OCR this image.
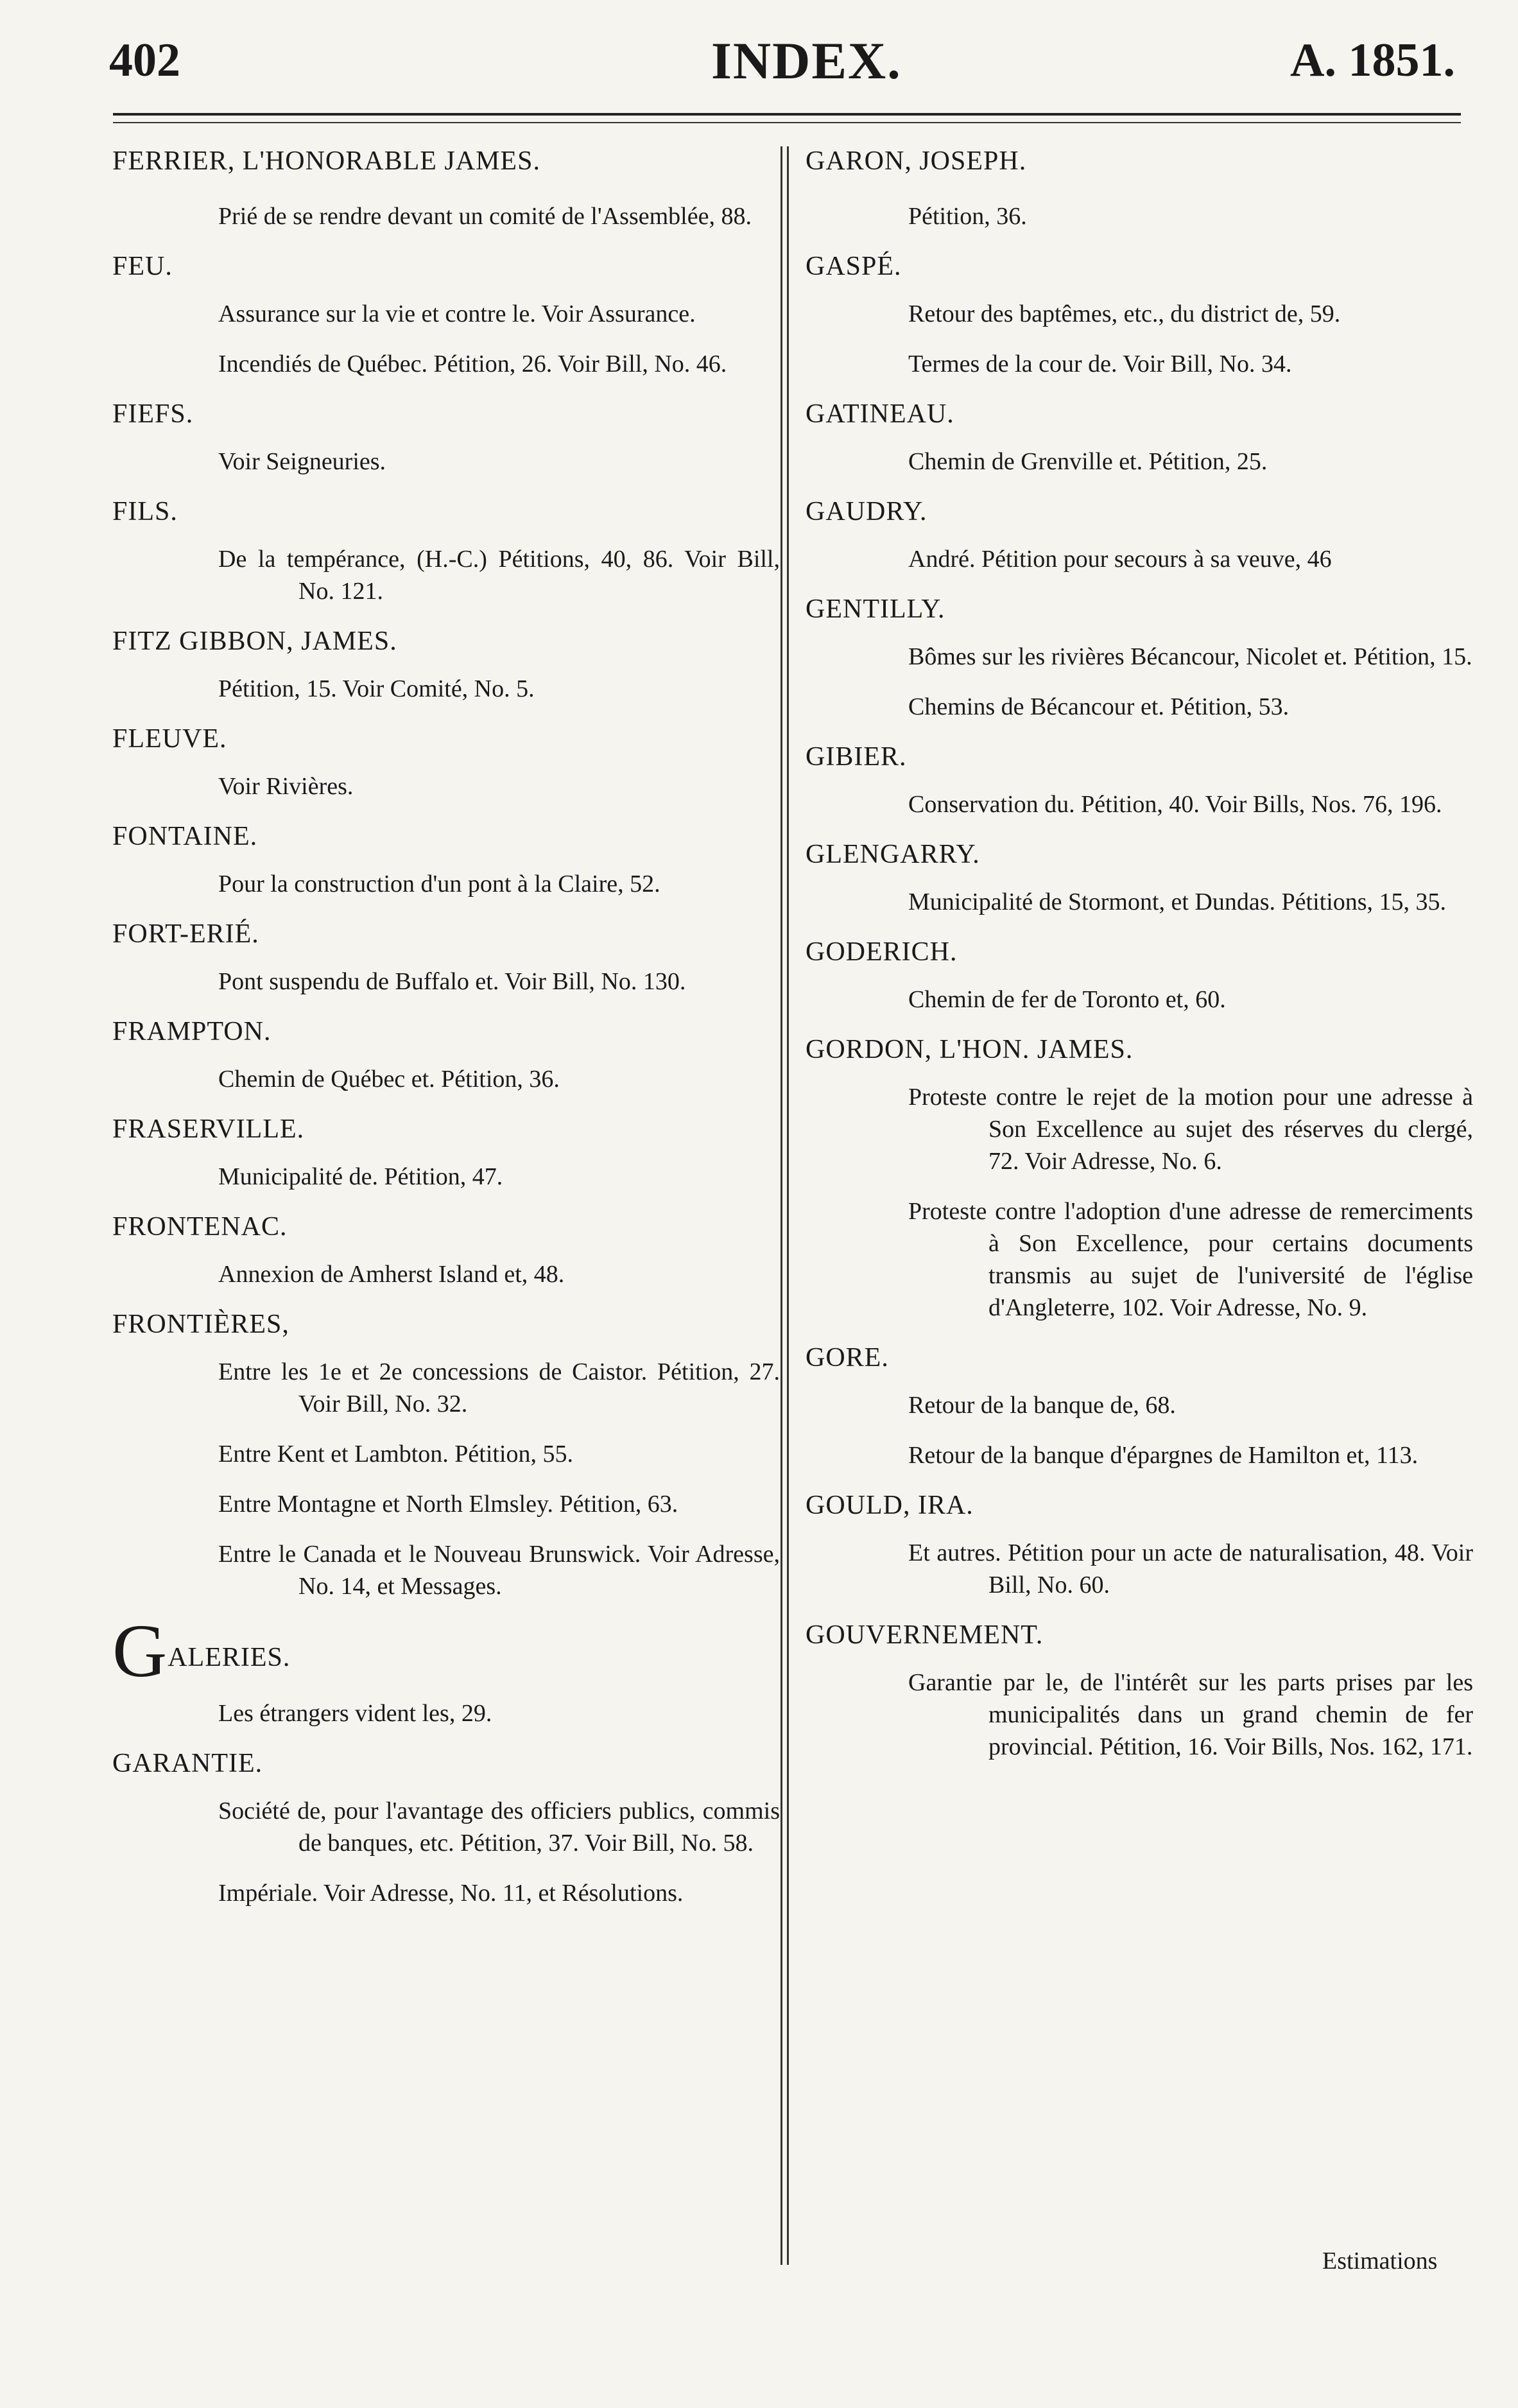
402	INDEX.	A. 1851.
FERRIER, L'HONORABLE JAMES.
Prié de se rendre devant un comité de l'Assemblée, 88.
FEU.
Assurance sur la vie et contre le. Voir Assurance.
Incendiés de Québec. Pétition, 26. Voir Bill, No. 46.
FIEFS.
Voir Seigneuries.
FILS.
De la tempérance, (H.-C.) Pétitions, 40, 86. Voir Bill, No. 121.
FITZ GIBBON, JAMES.
Pétition, 15. Voir Comité, No. 5.
FLEUVE.
Voir Rivières.
FONTAINE.
Pour la construction d'un pont à la Claire, 52.
FORT-ERIÉ.
Pont suspendu de Buffalo et. Voir Bill, No. 130.
FRAMPTON.
Chemin de Québec et. Pétition, 36.
FRASERVILLE.
Municipalité de. Pétition, 47.
FRONTENAC.
Annexion de Amherst Island et, 48.
FRONTIÈRES,
Entre les 1e et 2e concessions de Caistor. Pétition, 27. Voir Bill, No. 32.
Entre Kent et Lambton. Pétition, 55.
Entre Montagne et North Elmsley. Pétition, 63.
Entre le Canada et le Nouveau Brunswick. Voir Adresse, No. 14, et Messages.
GALERIES.
Les étrangers vident les, 29.
GARANTIE.
Société de, pour l'avantage des officiers publics, commis de banques, etc. Pétition, 37. Voir Bill, No. 58.
Impériale. Voir Adresse, No. 11, et Résolutions.
GARON, JOSEPH.
Pétition, 36.
GASPÉ.
Retour des baptêmes, etc., du district de, 59.
Termes de la cour de. Voir Bill, No. 34.
GATINEAU.
Chemin de Grenville et. Pétition, 25.
GAUDRY.
André. Pétition pour secours à sa veuve, 46
GENTILLY.
Bômes sur les rivières Bécancour, Nicolet et. Pétition, 15.
Chemins de Bécancour et. Pétition, 53.
GIBIER.
Conservation du. Pétition, 40. Voir Bills, Nos. 76, 196.
GLENGARRY.
Municipalité de Stormont, et Dundas. Pétitions, 15, 35.
GODERICH.
Chemin de fer de Toronto et, 60.
GORDON, L'HON. JAMES.
Proteste contre le rejet de la motion pour une adresse à Son Excellence au sujet des réserves du clergé, 72. Voir Adresse, No. 6.
Proteste contre l'adoption d'une adresse de remerciments à Son Excellence, pour certains documents transmis au sujet de l'université de l'église d'Angleterre, 102. Voir Adresse, No. 9.
GORE.
Retour de la banque de, 68.
Retour de la banque d'épargnes de Hamilton et, 113.
GOULD, IRA.
Et autres. Pétition pour un acte de naturalisation, 48. Voir Bill, No. 60.
GOUVERNEMENT.
Garantie par le, de l'intérêt sur les parts prises par les municipalités dans un grand chemin de fer provincial. Pétition, 16. Voir Bills, Nos. 162, 171.
Estimations
